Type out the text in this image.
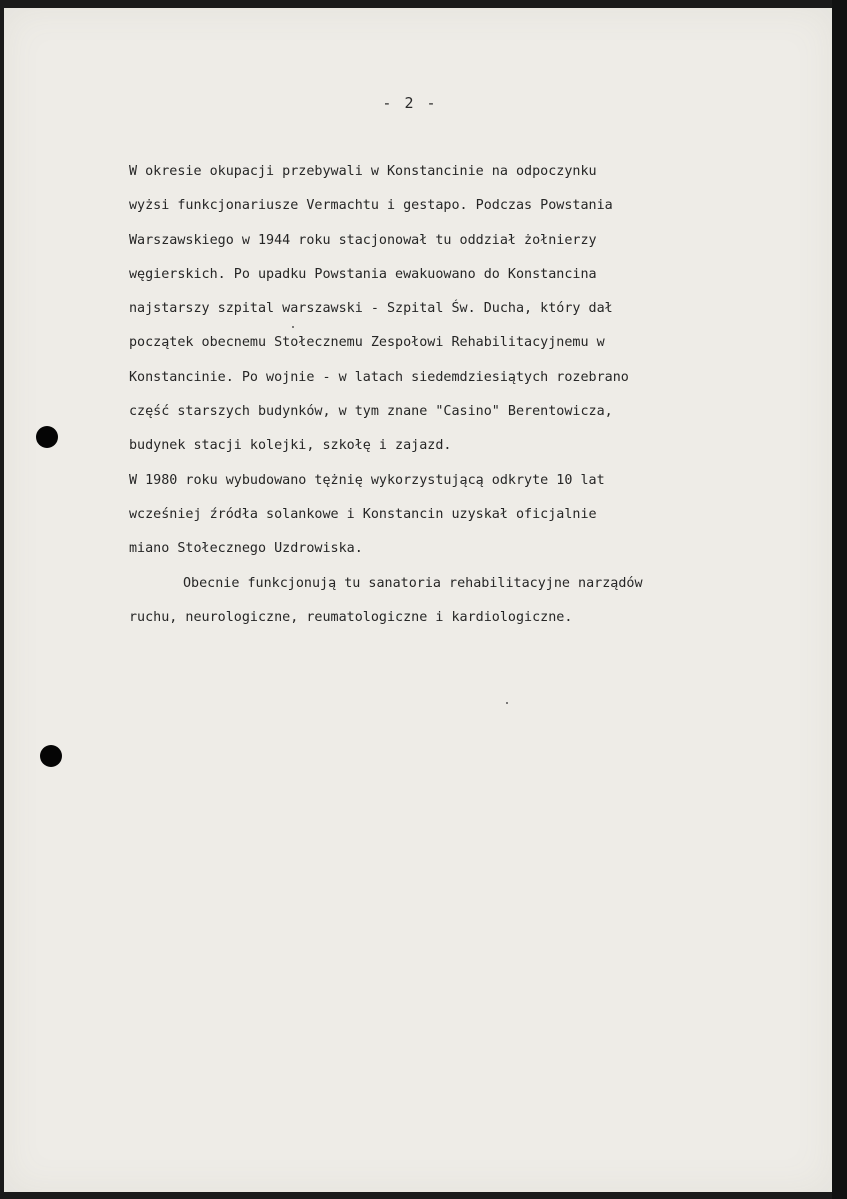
- 2 -
W okresie okupacji przebywali w Konstancinie na odpoczynku
wyżsi funkcjonariusze Vermachtu i gestapo. Podczas Powstania
Warszawskiego w 1944 roku stacjonował tu oddział żołnierzy
węgierskich. Po upadku Powstania ewakuowano do Konstancina
najstarszy szpital warszawski - Szpital Św. Ducha, który dał
początek obecnemu Stołecznemu Zespołowi Rehabilitacyjnemu w
Konstancinie. Po wojnie - w latach siedemdziesiątych rozebrano
część starszych budynków, w tym znane "Casino" Berentowicza,
budynek stacji kolejki, szkołę i zajazd.
W 1980 roku wybudowano tężnię wykorzystującą odkryte 10 lat
wcześniej źródła solankowe i Konstancin uzyskał oficjalnie
miano Stołecznego Uzdrowiska.
Obecnie funkcjonują tu sanatoria rehabilitacyjne narządów
ruchu, neurologiczne, reumatologiczne i kardiologiczne.
